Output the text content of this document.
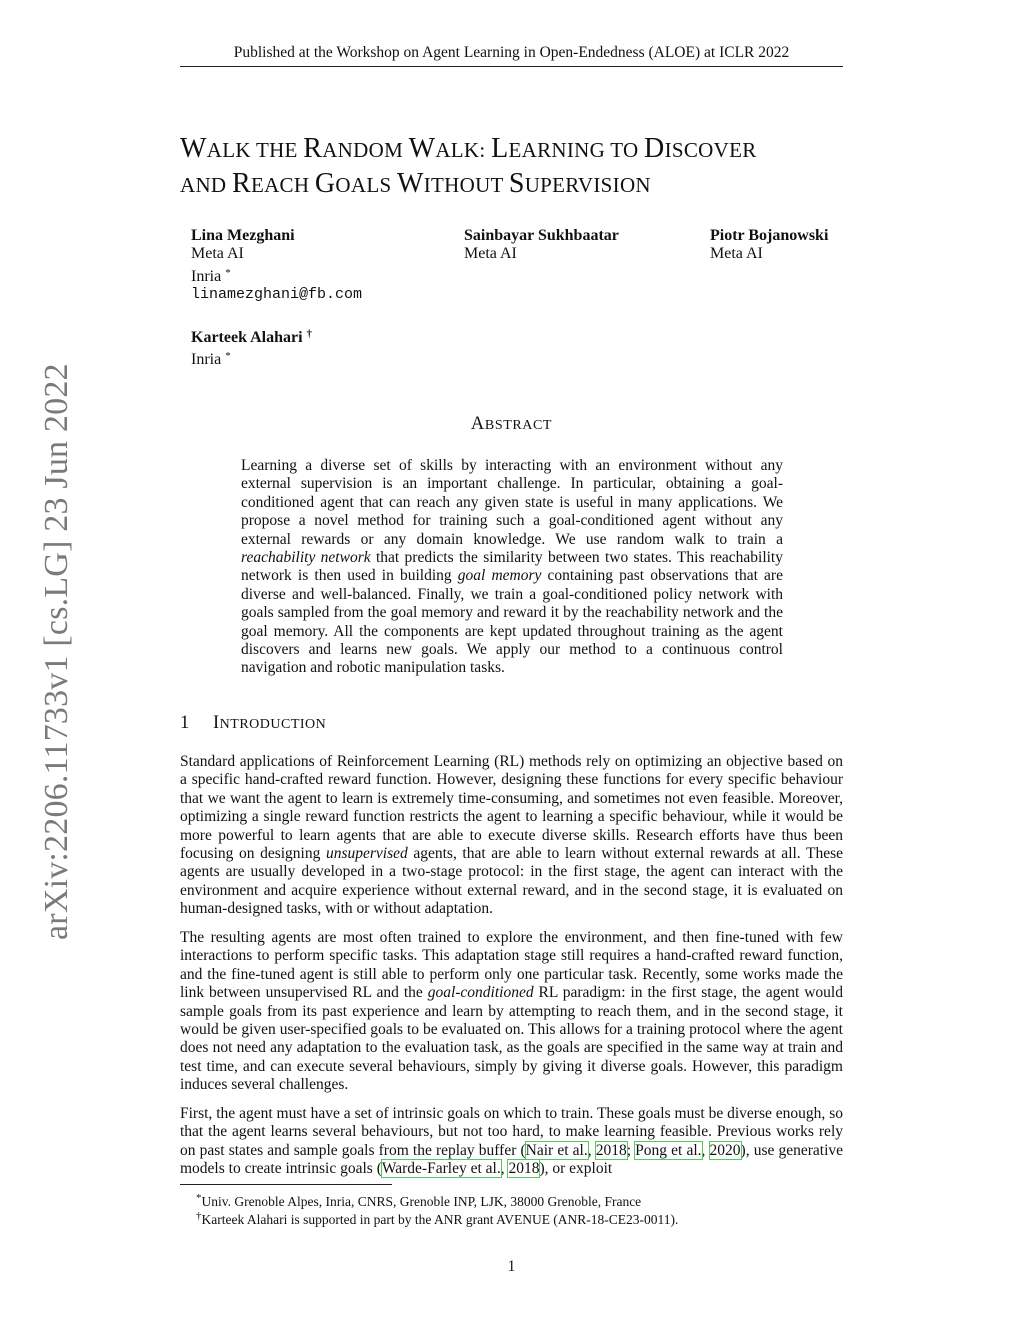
Published at the Workshop on Agent Learning in Open-Endedness (ALOE) at ICLR 2022
arXiv:2206.11733v1 [cs.LG] 23 Jun 2022
WALK THE RANDOM WALK: LEARNING TO DISCOVER
AND REACH GOALS WITHOUT SUPERVISION
Lina Mezghani
Meta AI
Inria *
linamezghani@fb.com
Sainbayar Sukhbaatar
Meta AI
Piotr Bojanowski
Meta AI
Karteek Alahari †
Inria *
ABSTRACT
Learning a diverse set of skills by interacting with an environment without any external supervision is an important challenge. In particular, obtaining a goal-conditioned agent that can reach any given state is useful in many applications. We propose a novel method for training such a goal-conditioned agent without any external rewards or any domain knowledge. We use random walk to train a reachability network that predicts the similarity between two states. This reachability network is then used in building goal memory containing past observations that are diverse and well-balanced. Finally, we train a goal-conditioned policy network with goals sampled from the goal memory and reward it by the reachability network and the goal memory. All the components are kept updated throughout training as the agent discovers and learns new goals. We apply our method to a continuous control navigation and robotic manipulation tasks.
1 INTRODUCTION
Standard applications of Reinforcement Learning (RL) methods rely on optimizing an objective based on a specific hand-crafted reward function. However, designing these functions for every specific behaviour that we want the agent to learn is extremely time-consuming, and sometimes not even feasible. Moreover, optimizing a single reward function restricts the agent to learning a specific behaviour, while it would be more powerful to learn agents that are able to execute diverse skills. Research efforts have thus been focusing on designing unsupervised agents, that are able to learn without external rewards at all. These agents are usually developed in a two-stage protocol: in the first stage, the agent can interact with the environment and acquire experience without external reward, and in the second stage, it is evaluated on human-designed tasks, with or without adaptation.
The resulting agents are most often trained to explore the environment, and then fine-tuned with few interactions to perform specific tasks. This adaptation stage still requires a hand-crafted reward function, and the fine-tuned agent is still able to perform only one particular task. Recently, some works made the link between unsupervised RL and the goal-conditioned RL paradigm: in the first stage, the agent would sample goals from its past experience and learn by attempting to reach them, and in the second stage, it would be given user-specified goals to be evaluated on. This allows for a training protocol where the agent does not need any adaptation to the evaluation task, as the goals are specified in the same way at train and test time, and can execute several behaviours, simply by giving it diverse goals. However, this paradigm induces several challenges.
First, the agent must have a set of intrinsic goals on which to train. These goals must be diverse enough, so that the agent learns several behaviours, but not too hard, to make learning feasible. Previous works rely on past states and sample goals from the replay buffer (Nair et al., 2018; Pong et al., 2020), use generative models to create intrinsic goals (Warde-Farley et al., 2018), or exploit
*Univ. Grenoble Alpes, Inria, CNRS, Grenoble INP, LJK, 38000 Grenoble, France
†Karteek Alahari is supported in part by the ANR grant AVENUE (ANR-18-CE23-0011).
1
